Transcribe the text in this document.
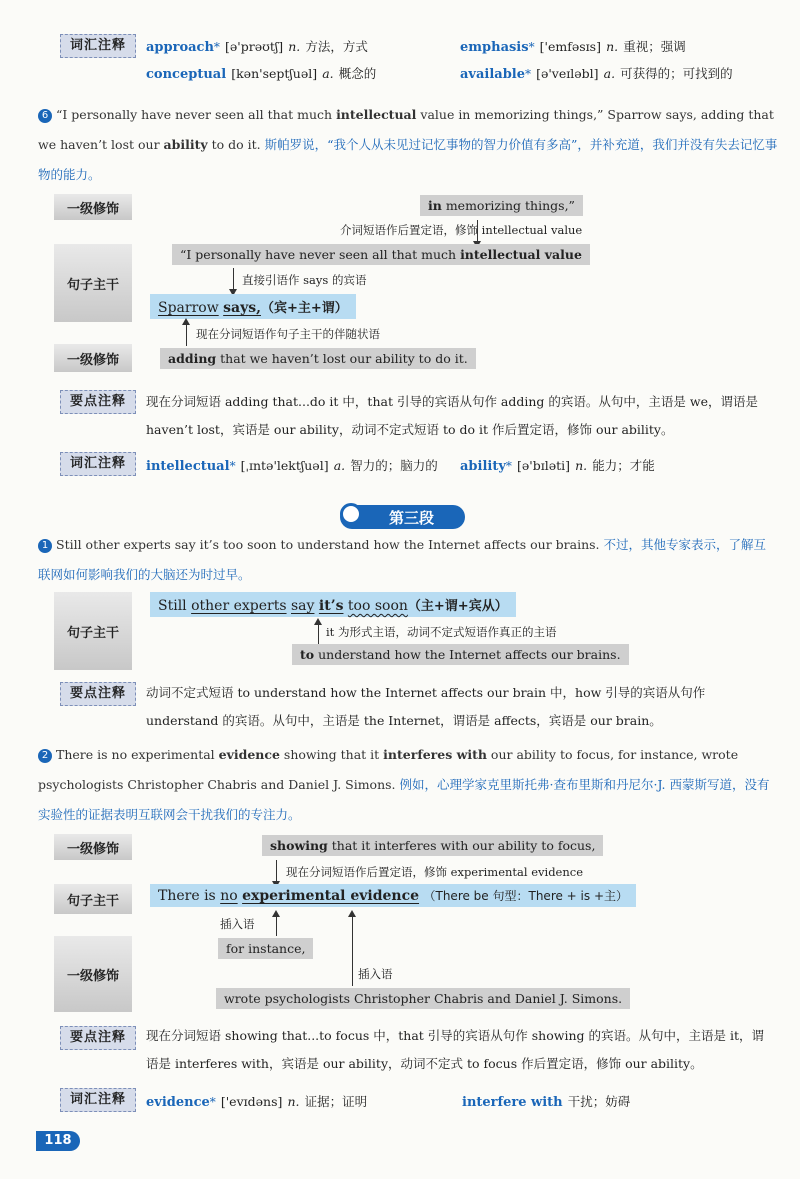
词汇注释	approach* [ə'prəʊtʃ] n. 方法，方式	emphasis* ['emfəsɪs] n. 重视；强调
conceptual [kən'septʃuəl] a. 概念的	available* [ə'veɪləbl] a. 可获得的；可找到的
6 “I personally have never seen all that much intellectual value in memorizing things,” Sparrow says, adding that we haven’t lost our ability to do it. 斯帕罗说，“我个人从未见过记忆事物的智力价值有多高”，并补充道，我们并没有失去记忆事物的能力。
一级修饰
句子主干
一级修饰
in memorizing things,”
介词短语作后置定语，修饰 intellectual value
“I personally have never seen all that much intellectual value
直接引语作 says 的宾语
Sparrow says,（宾+主+谓）
现在分词短语作句子主干的伴随状语
adding that we haven’t lost our ability to do it.
要点注释	现在分词短语 adding that...do it 中，that 引导的宾语从句作 adding 的宾语。从句中，主语是 we，谓语是 haven’t lost，宾语是 our ability，动词不定式短语 to do it 作后置定语，修饰 our ability。
词汇注释	intellectual* [ˌɪntə'lektʃuəl] a. 智力的；脑力的 ability* [ə'bɪləti] n. 能力；才能
第三段
1 Still other experts say it’s too soon to understand how the Internet affects our brains. 不过，其他专家表示，了解互联网如何影响我们的大脑还为时过早。
句子主干
Still other experts say it’s too soon（主+谓+宾从）
it 为形式主语，动词不定式短语作真正的主语
to understand how the Internet affects our brains.
要点注释	动词不定式短语 to understand how the Internet affects our brain 中，how 引导的宾语从句作 understand 的宾语。从句中，主语是 the Internet，谓语是 affects，宾语是 our brain。
2 There is no experimental evidence showing that it interferes with our ability to focus, for instance, wrote psychologists Christopher Chabris and Daniel J. Simons. 例如，心理学家克里斯托弗·查布里斯和丹尼尔·J. 西蒙斯写道，没有实验性的证据表明互联网会干扰我们的专注力。
一级修饰
句子主干
一级修饰
showing that it interferes with our ability to focus,
现在分词短语作后置定语，修饰 experimental evidence
There is no experimental evidence （There be 句型：There + is +主）
插入语
for instance,
插入语
wrote psychologists Christopher Chabris and Daniel J. Simons.
要点注释	现在分词短语 showing that...to focus 中，that 引导的宾语从句作 showing 的宾语。从句中，主语是 it，谓语是 interferes with，宾语是 our ability，动词不定式 to focus 作后置定语，修饰 our ability。
词汇注释	evidence* ['evɪdəns] n. 证据；证明	interfere with 干扰；妨碍
118
